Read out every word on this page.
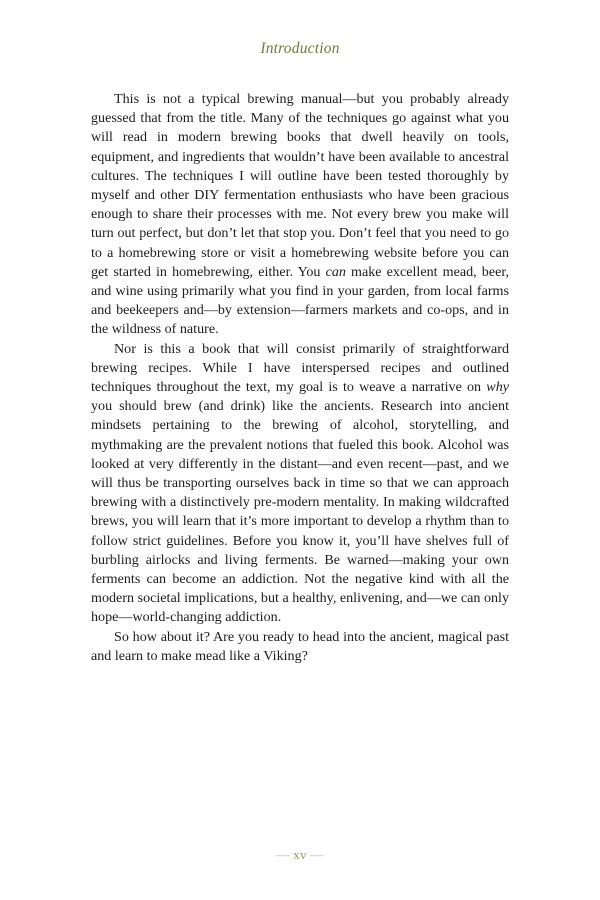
Introduction

This is not a typical brewing manual—but you probably already guessed that from the title. Many of the techniques go against what you will read in modern brewing books that dwell heavily on tools, equipment, and ingredients that wouldn’t have been available to ancestral cultures. The techniques I will outline have been tested thoroughly by myself and other DIY fermentation enthusiasts who have been gracious enough to share their processes with me. Not every brew you make will turn out perfect, but don’t let that stop you. Don’t feel that you need to go to a homebrewing store or visit a homebrewing website before you can get started in homebrewing, either. You can make excellent mead, beer, and wine using primarily what you find in your garden, from local farms and beekeepers and—by extension—farmers markets and co-ops, and in the wildness of nature.

Nor is this a book that will consist primarily of straightforward brewing recipes. While I have interspersed recipes and outlined techniques throughout the text, my goal is to weave a narrative on why you should brew (and drink) like the ancients. Research into ancient mindsets pertaining to the brewing of alcohol, storytelling, and mythmaking are the prevalent notions that fueled this book. Alcohol was looked at very differently in the distant—and even recent—past, and we will thus be transporting ourselves back in time so that we can approach brewing with a distinctively pre-modern mentality. In making wildcrafted brews, you will learn that it’s more important to develop a rhythm than to follow strict guidelines. Before you know it, you’ll have shelves full of burbling airlocks and living ferments. Be warned—making your own ferments can become an addiction. Not the negative kind with all the modern societal implications, but a healthy, enlivening, and—we can only hope—world-changing addiction.

So how about it? Are you ready to head into the ancient, magical past and learn to make mead like a Viking?

— xv —
